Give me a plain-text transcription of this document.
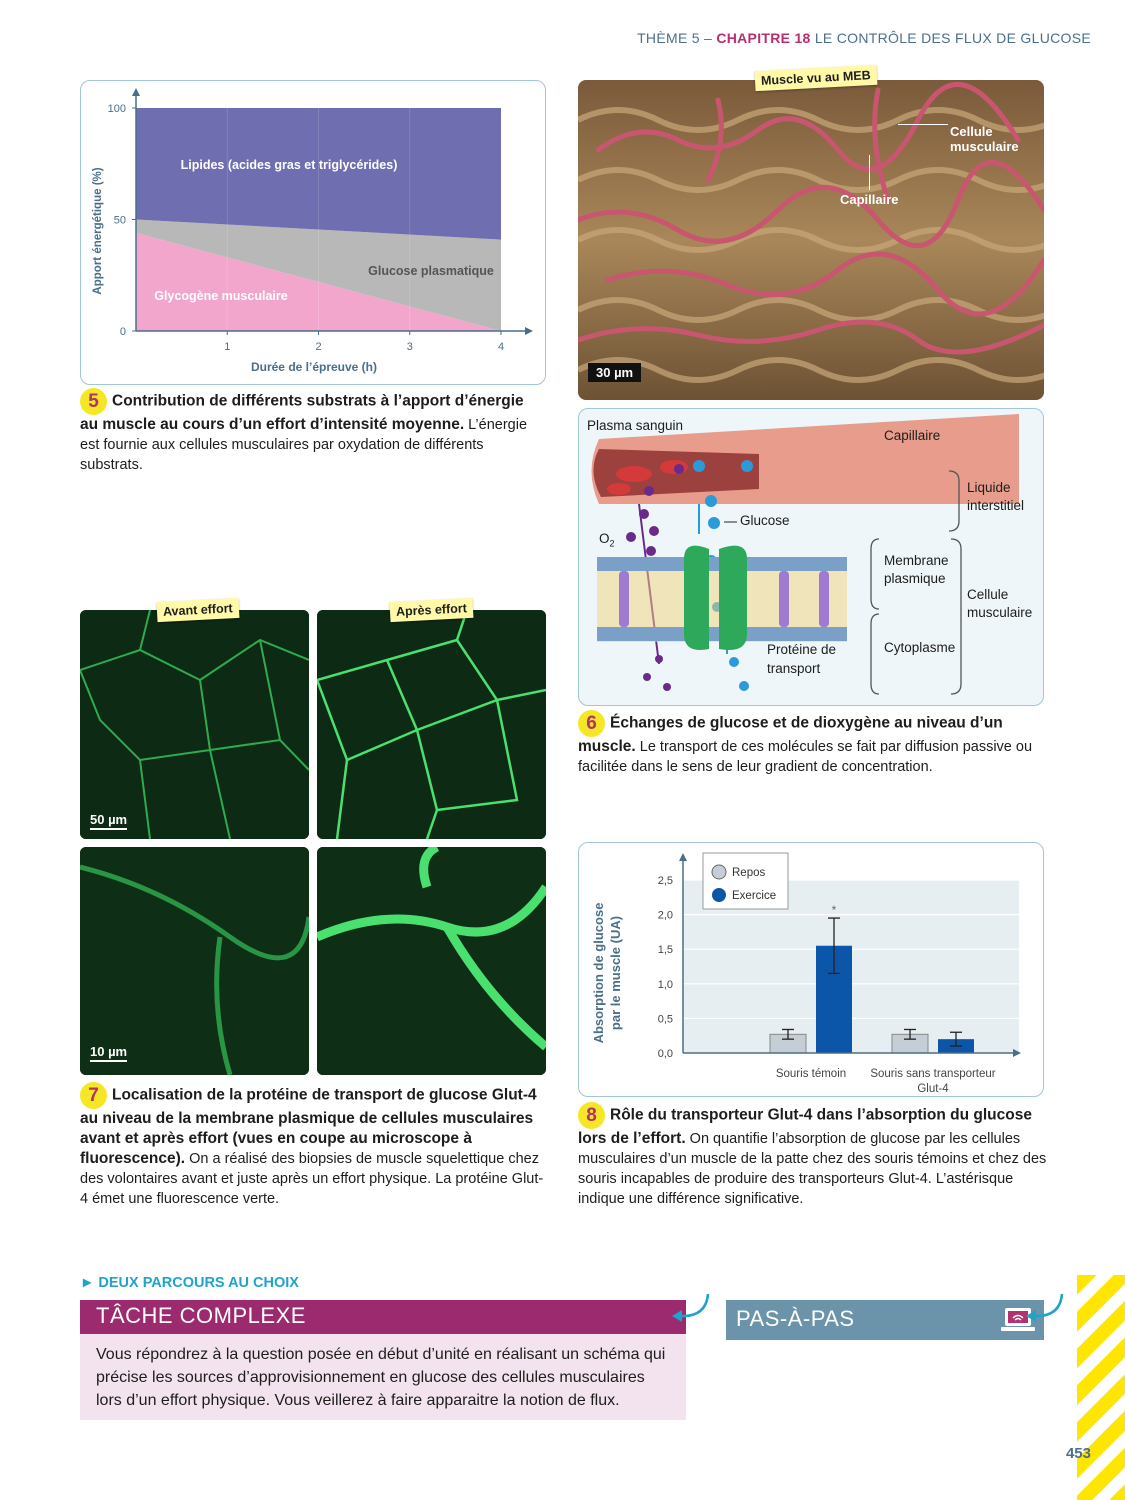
THÈME 5 – CHAPITRE 18 LE CONTRÔLE DES FLUX DE GLUCOSE
Apport énergétique (%)
Durée de l’épreuve (h)
1	2	3	4
0
50
100
Lipides (acides gras et triglycérides)
Glucose plasmatique
Glycogène musculaire
5 Contribution de différents substrats à l’apport d’énergie au muscle au cours d’un effort d’intensité moyenne. L’énergie est fournie aux cellules musculaires par oxydation de différents substrats.
Cellule musculaire
Capillaire
30 µm
Muscle vu au MEB
Plasma sanguin
Capillaire
Liquide interstitiel
Glucose
$O_2$
Membrane plasmique
Cellule musculaire
Protéine de transport
Cytoplasme
6 Échanges de glucose et de dioxygène au niveau d’un muscle. Le transport de ces molécules se fait par diffusion passive ou facilitée dans le sens de leur gradient de concentration.
50 µm
10 µm
Avant effort	Après effort
7 Localisation de la protéine de transport de glucose Glut-4 au niveau de la membrane plasmique de cellules musculaires avant et après effort (vues en coupe au microscope à fluorescence). On a réalisé des biopsies de muscle squelettique chez des volontaires avant et juste après un effort physique. La protéine Glut-4 émet une fluorescence verte.
Absorption de glucose par le muscle (UA)
0,0
0,5
1,0
1,5
2,0
2,5
*
Souris témoin Souris sans transporteur Glut-4
Repos
Exercice
8 Rôle du transporteur Glut-4 dans l’absorption du glucose lors de l’effort. On quantifie l’absorption de glucose par les cellules musculaires d’un muscle de la patte chez des souris témoins et chez des souris incapables de produire des transporteurs Glut-4. L’astérisque indique une différence significative.
► DEUX PARCOURS AU CHOIX
TÂCHE COMPLEXE
Vous répondrez à la question posée en début d’unité en réalisant un schéma qui précise les sources d’approvisionnement en glucose des cellules musculaires lors d’un effort physique. Vous veillerez à faire apparaitre la notion de flux.
PAS-À-PAS
453
